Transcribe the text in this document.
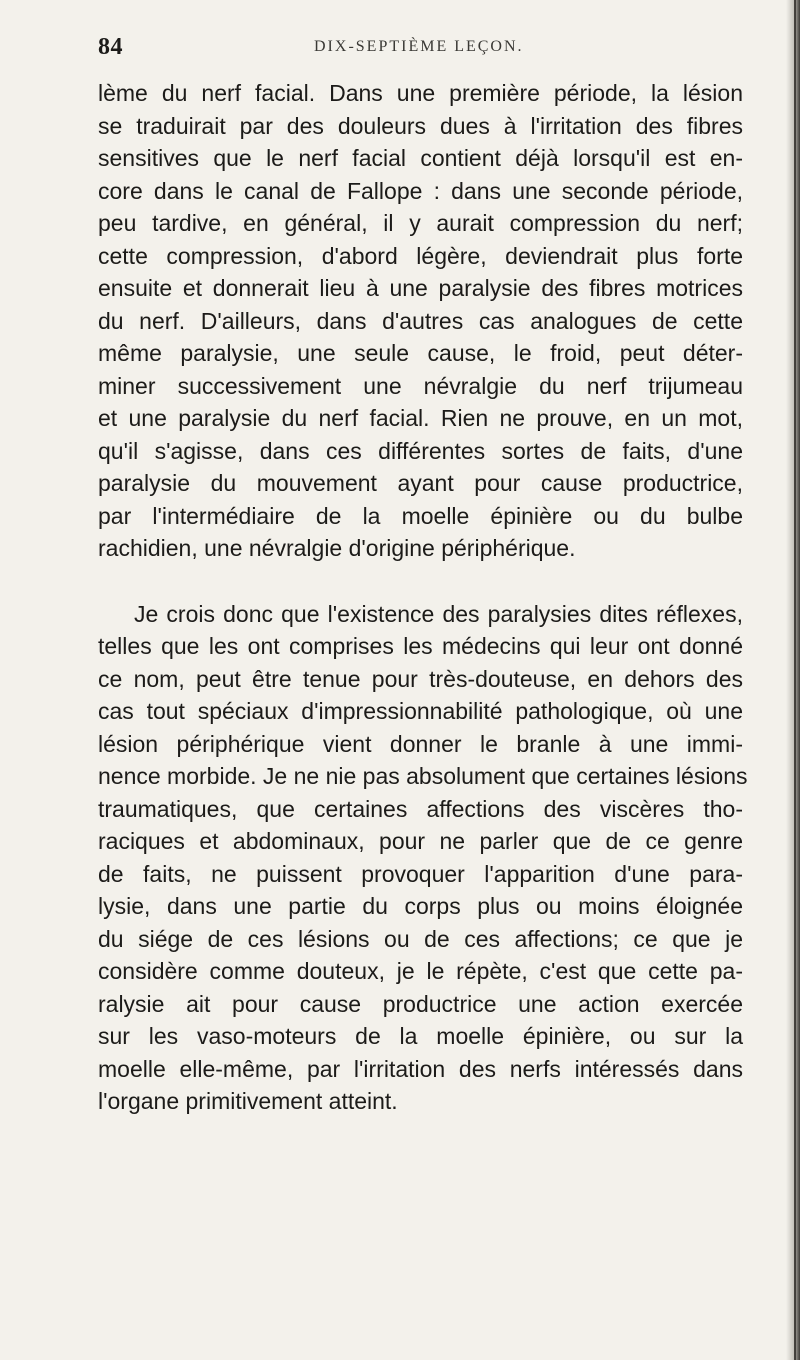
84	DIX-SEPTIÈME LEÇON.

lème du nerf facial. Dans une première période, la lésion
se traduirait par des douleurs dues à l'irritation des fibres
sensitives que le nerf facial contient déjà lorsqu'il est en-
core dans le canal de Fallope : dans une seconde période,
peu tardive, en général, il y aurait compression du nerf;
cette compression, d'abord légère, deviendrait plus forte
ensuite et donnerait lieu à une paralysie des fibres motrices
du nerf. D'ailleurs, dans d'autres cas analogues de cette
même paralysie, une seule cause, le froid, peut déter-
miner successivement une névralgie du nerf trijumeau
et une paralysie du nerf facial. Rien ne prouve, en un mot,
qu'il s'agisse, dans ces différentes sortes de faits, d'une
paralysie du mouvement ayant pour cause productrice,
par l'intermédiaire de la moelle épinière ou du bulbe
rachidien, une névralgie d'origine périphérique.

Je crois donc que l'existence des paralysies dites réflexes,
telles que les ont comprises les médecins qui leur ont donné
ce nom, peut être tenue pour très-douteuse, en dehors des
cas tout spéciaux d'impressionnabilité pathologique, où une
lésion périphérique vient donner le branle à une immi-
nence morbide. Je ne nie pas absolument que certaines lésions
traumatiques, que certaines affections des viscères tho-
raciques et abdominaux, pour ne parler que de ce genre
de faits, ne puissent provoquer l'apparition d'une para-
lysie, dans une partie du corps plus ou moins éloignée
du siége de ces lésions ou de ces affections; ce que je
considère comme douteux, je le répète, c'est que cette pa-
ralysie ait pour cause productrice une action exercée
sur les vaso-moteurs de la moelle épinière, ou sur la
moelle elle-même, par l'irritation des nerfs intéressés dans
l'organe primitivement atteint.
